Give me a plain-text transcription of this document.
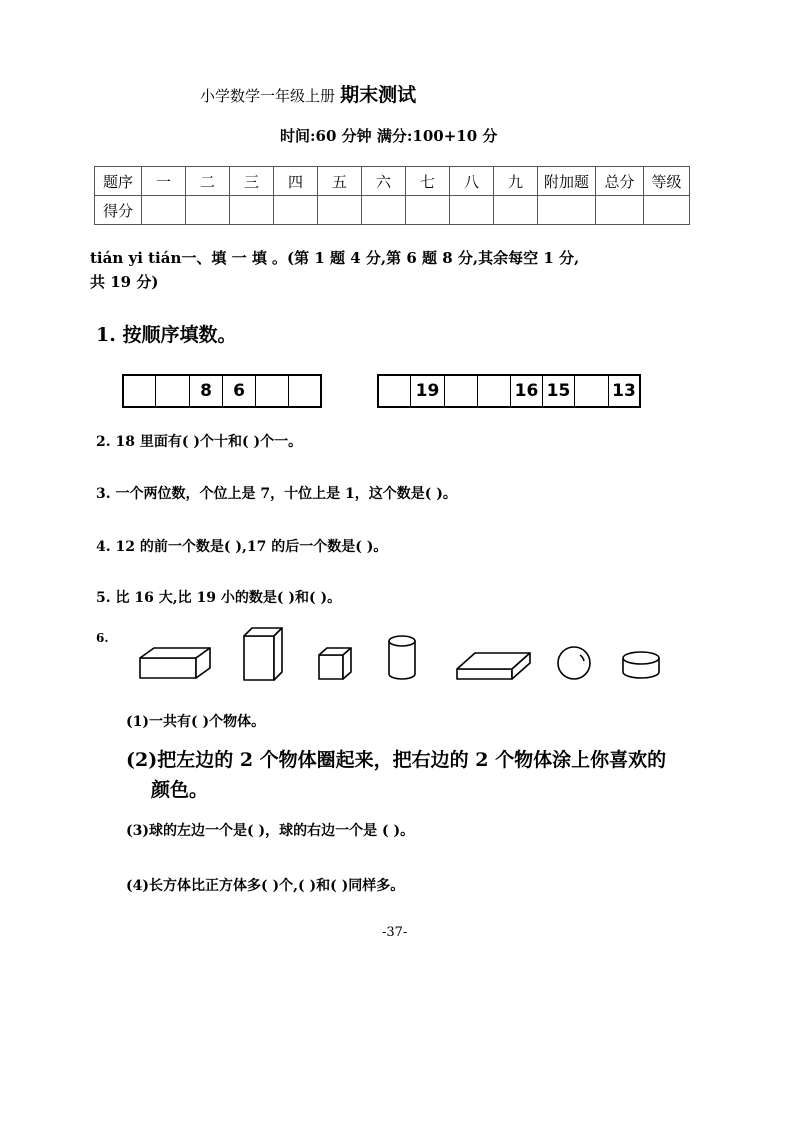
小学数学一年级上册 期末测试
时间:60 分钟 满分:100+10 分
题序	一	二	三	四	五	六	七	八	九	附加题	总分	等级
得分												
tián yi tián一、填 一 填 。(第 1 题 4 分,第 6 题 8 分,其余每空 1 分,
共 19 分)
1. 按顺序填数。
8	6	19	16 15 13
2. 18 里面有( )个十和( )个一。
3. 一个两位数，个位上是 7，十位上是 1，这个数是( )。
4. 12 的前一个数是( ),17 的后一个数是( )。
5. 比 16 大,比 19 小的数是( )和( )。
6.
(1)一共有( )个物体。
(2)把左边的 2 个物体圈起来，把右边的 2 个物体涂上你喜欢的
颜色。
(3)球的左边一个是( )，球的右边一个是 ( )。
(4)长方体比正方体多( )个,( )和( )同样多。
-37-
